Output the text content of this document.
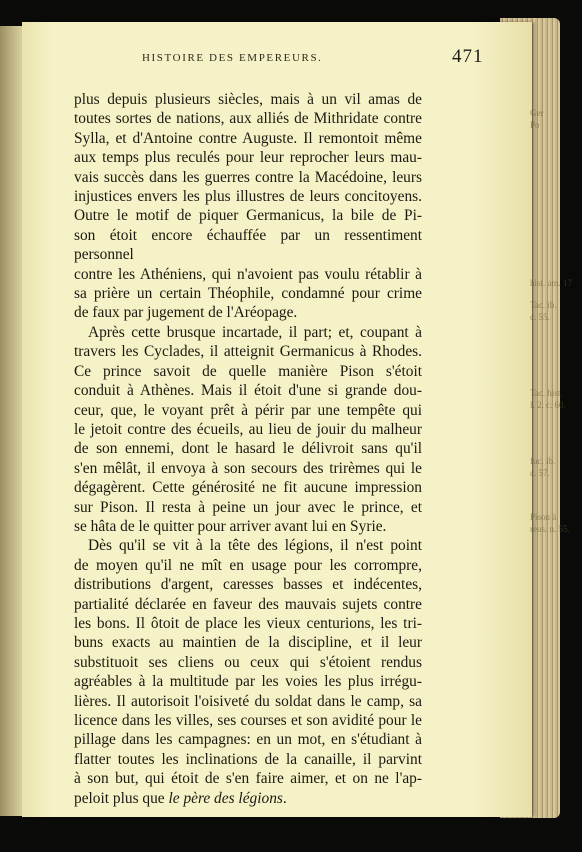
HISTOIRE DES EMPEREURS.	471

plus depuis plusieurs siècles, mais à un vil amas de

toutes sortes de nations, aux alliés de Mithridate contre

Sylla, et d'Antoine contre Auguste. Il remontoit même

aux temps plus reculés pour leur reprocher leurs mau-

vais succès dans les guerres contre la Macédoine, leurs

injustices envers les plus illustres de leurs concitoyens.

Outre le motif de piquer Germanicus, la bile de Pi-

son étoit encore échauffée par un ressentiment personnel

contre les Athéniens, qui n'avoient pas voulu rétablir à

sa prière un certain Théophile, condamné pour crime

de faux par jugement de l'Aréopage.

Après cette brusque incartade, il part; et, coupant à

travers les Cyclades, il atteignit Germanicus à Rhodes.

Ce prince savoit de quelle manière Pison s'étoit

conduit à Athènes. Mais il étoit d'une si grande dou-

ceur, que, le voyant prêt à périr par une tempête qui

le jetoit contre des écueils, au lieu de jouir du malheur

de son ennemi, dont le hasard le délivroit sans qu'il

s'en mêlât, il envoya à son secours des trirèmes qui le

dégagèrent. Cette générosité ne fit aucune impression

sur Pison. Il resta à peine un jour avec le prince, et

se hâta de le quitter pour arriver avant lui en Syrie.

Dès qu'il se vit à la tête des légions, il n'est point

de moyen qu'il ne mît en usage pour les corrompre,

distributions d'argent, caresses basses et indécentes,

partialité déclarée en faveur des mauvais sujets contre

les bons. Il ôtoit de place les vieux centurions, les tri-

buns exacts au maintien de la discipline, et il leur

substituoit ses cliens ou ceux qui s'étoient rendus

agréables à la multitude par les voies les plus irrégu-

lières. Il autorisoit l'oisiveté du soldat dans le camp, sa

licence dans les villes, ses courses et son avidité pour le

pillage dans les campagnes: en un mot, en s'étudiant à

flatter toutes les inclinations de la canaille, il parvint

à son but, qui étoit de s'en faire aimer, et on ne l'ap-

peloit plus que le père des légions.

Ger
Po
hist. am. 17
Tac. ib.
c. 55.
Tac. hist.
l. 2. c. 60.
fuc. ib.
c. 57.
Pison à
reus. n. 55.
